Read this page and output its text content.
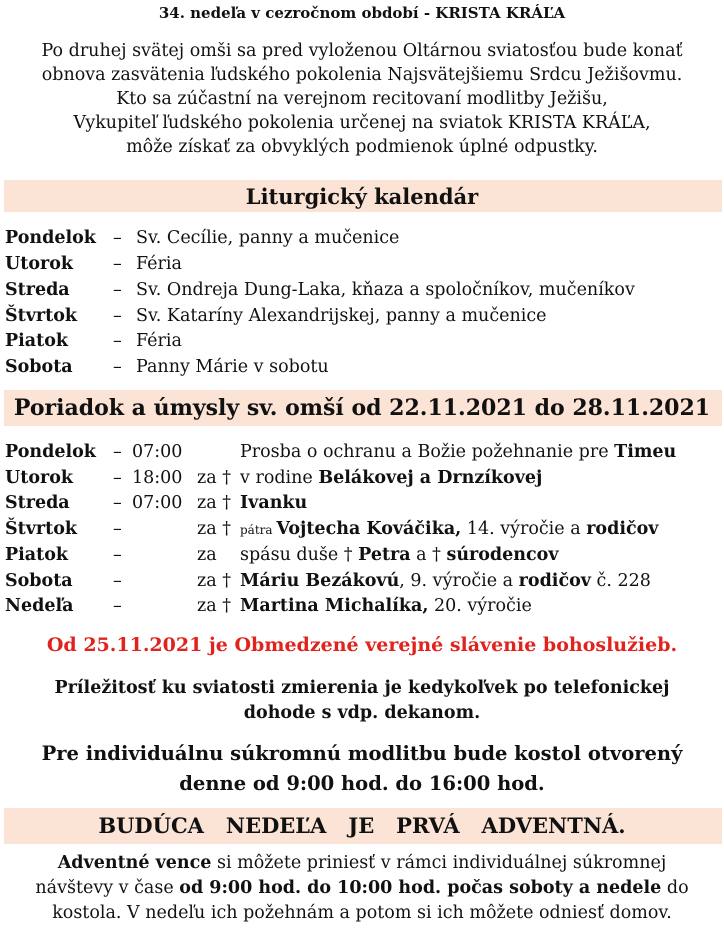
34. nedeľa v cezročnom období - KRISTA KRÁĽA
Po druhej svätej omši sa pred vyloženou Oltárnou sviatosťou bude konať
obnova zasvätenia ľudského pokolenia Najsvätejšiemu Srdcu Ježišovmu.
Kto sa zúčastní na verejnom recitovaní modlitby Ježišu,
Vykupiteľ ľudského pokolenia určenej na sviatok KRISTA KRÁĽA,
môže získať za obvyklých podmienok úplné odpustky.
Liturgický kalendár
Pondelok – Sv. Cecílie, panny a mučenice
Utorok – Féria
Streda – Sv. Ondreja Dung-Laka, kňaza a spoločníkov, mučeníkov
Štvrtok – Sv. Kataríny Alexandrijskej, panny a mučenice
Piatok	– Féria
Sobota – Panny Márie v sobotu
Poriadok a úmysly sv. omší od 22.11.2021 do 28.11.2021
Pondelok – 07:00	Prosba o ochranu a Božie požehnanie pre Timeu
Utorok – 18:00 za † v rodine Belákovej a Drnzíkovej
Streda – 07:00 za † Ivanku
Štvrtok –	za † pátra Vojtecha Kováčika, 14. výročie a rodičov
Piatok	–	za spásu duše † Petra a † súrodencov
Sobota –	za † Máriu Bezákovú, 9. výročie a rodičov č. 228
Nedeľa –	za † Martina Michalíka, 20. výročie
Od 25.11.2021 je Obmedzené verejné slávenie bohoslužieb.
Príležitosť ku sviatosti zmierenia je kedykoľvek po telefonickej
dohode s vdp. dekanom.
Pre individuálnu súkromnú modlitbu bude kostol otvorený
denne od 9:00 hod. do 16:00 hod.
BUDÚCA   NEDEĽA   JE   PRVÁ   ADVENTNÁ.
Adventné vence si môžete priniesť v rámci individuálnej súkromnej
návštevy v čase od 9:00 hod. do 10:00 hod. počas soboty a nedele do
kostola. V nedeľu ich požehnám a potom si ich môžete odniesť domov.
